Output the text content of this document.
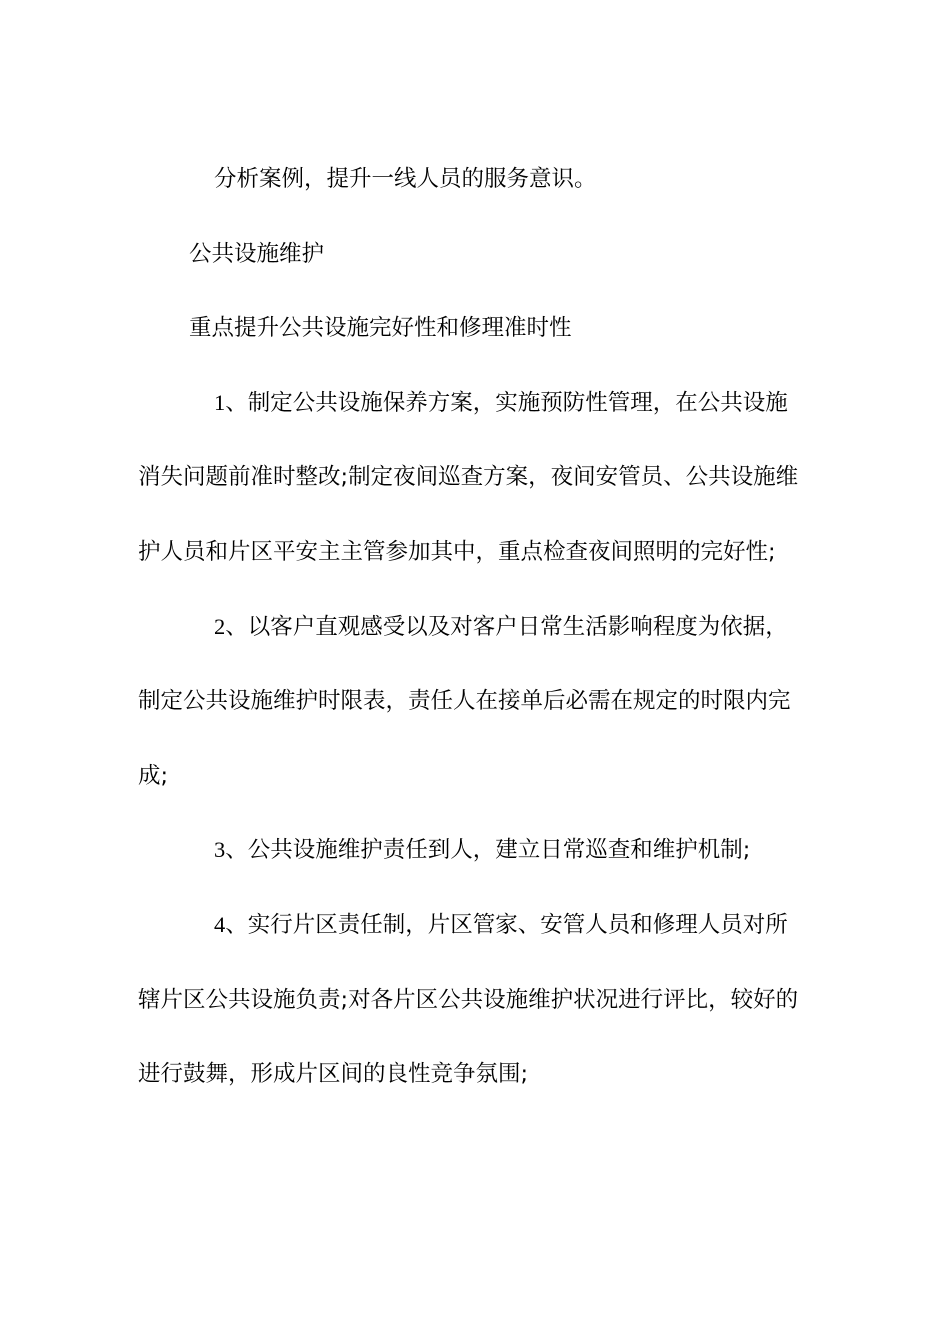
分析案例，提升一线人员的服务意识。

公共设施维护

重点提升公共设施完好性和修理准时性

1、制定公共设施保养方案，实施预防性管理，在公共设施消失问题前准时整改;制定夜间巡查方案，夜间安管员、公共设施维护人员和片区平安主主管参加其中，重点检查夜间照明的完好性;

2、以客户直观感受以及对客户日常生活影响程度为依据，制定公共设施维护时限表，责任人在接单后必需在规定的时限内完成;

3、公共设施维护责任到人，建立日常巡查和维护机制;

4、实行片区责任制，片区管家、安管人员和修理人员对所辖片区公共设施负责;对各片区公共设施维护状况进行评比，较好的进行鼓舞，形成片区间的良性竞争氛围;
